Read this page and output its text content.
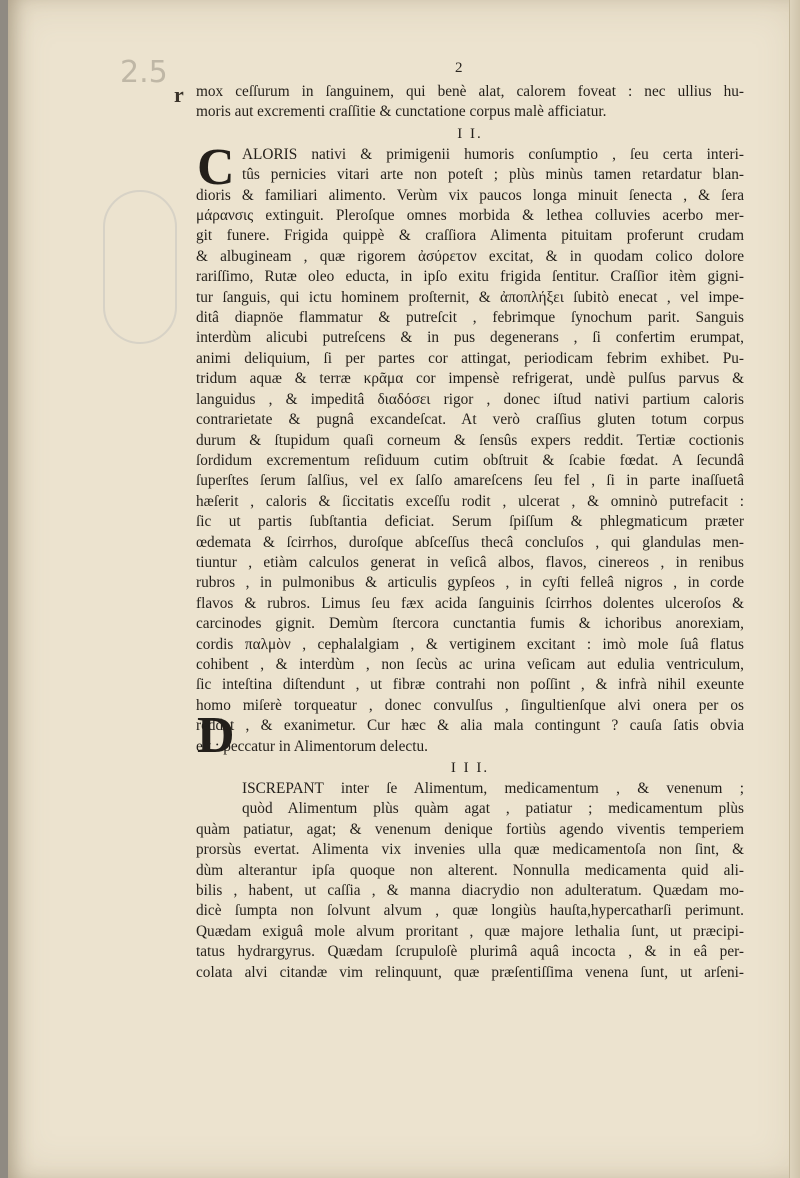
2.5	2
r
C
D
mox ceſſurum in ſanguinem, qui benè alat, calorem foveat : nec ullius hu-
moris aut excrementi craſſitie & cunctatione corpus malè afficiatur.
I I.
ALORIS nativi & primigenii humoris conſumptio , ſeu certa interi-
tûs pernicies vitari arte non poteſt ; plùs minùs tamen retardatur blan-
dioris & familiari alimento. Verùm vix paucos longa minuit ſenecta , & ſera
μάρανσις extinguit. Pleroſque omnes morbida & lethea colluvies acerbo mer-
git funere. Frigida quippè & craſſiora Alimenta pituitam proferunt crudam
& albugineam , quæ rigorem ἀσύρετον excitat, & in quodam colico dolore
rariſſimo, Rutæ oleo educta, in ipſo exitu frigida ſentitur. Craſſior itèm gigni-
tur ſanguis, qui ictu hominem proſternit, & ἀποπλήξει ſubitò enecat , vel impe-
ditâ diapnöe flammatur & putreſcit , febrimque ſynochum parit. Sanguis
interdùm alicubi putreſcens & in pus degenerans , ſi confertim erumpat,
animi deliquium, ſi per partes cor attingat, periodicam febrim exhibet. Pu-
tridum aquæ & terræ κρᾶμα cor impensè refrigerat, undè pulſus parvus &
languidus , & impeditâ διαδόσει rigor , donec iſtud nativi partium caloris
contrarietate & pugnâ excandeſcat. At verò craſſius gluten totum corpus
durum & ſtupidum quaſi corneum & ſensûs expers reddit. Tertiæ coctionis
ſordidum excrementum reſiduum cutim obſtruit & ſcabie fœdat. A ſecundâ
ſuperſtes ſerum ſalſius, vel ex ſalſo amareſcens ſeu fel , ſi in parte inaſſuetâ
hæſerit , caloris & ſiccitatis exceſſu rodit , ulcerat , & omninò putrefacit :
ſic ut partis ſubſtantia deficiat. Serum ſpiſſum & phlegmaticum præter
œdemata & ſcirrhos, duroſque abſceſſus thecâ concluſos , qui glandulas men-
tiuntur , etiàm calculos generat in veſicâ albos, flavos, cinereos , in renibus
rubros , in pulmonibus & articulis gypſeos , in cyſti felleâ nigros , in corde
flavos & rubros. Limus ſeu fæx acida ſanguinis ſcirrhos dolentes ulceroſos &
carcinodes gignit. Demùm ſtercora cunctantia fumis & ichoribus anorexiam,
cordis παλμὸν , cephalalgiam , & vertiginem excitant : imò mole ſuâ flatus
cohibent , & interdùm , non ſecùs ac urina veſicam aut edulia ventriculum,
ſic inteſtina diſtendunt , ut fibræ contrahi non poſſint , & infrà nihil exeunte
homo miſerè torqueatur , donec convulſus , ſingultienſque alvi onera per os
reddat , & exanimetur. Cur hæc & alia mala contingunt ? cauſa ſatis obvia
eſt : peccatur in Alimentorum delectu.
I I I.
ISCREPANT inter ſe Alimentum, medicamentum , & venenum ;
quòd Alimentum plùs quàm agat , patiatur ; medicamentum plùs
quàm patiatur, agat; & venenum denique fortiùs agendo viventis temperiem
prorsùs evertat. Alimenta vix invenies ulla quæ medicamentoſa non ſint, &
dùm alterantur ipſa quoque non alterent. Nonnulla medicamenta quid ali-
bilis , habent, ut caſſia , & manna diacrydio non adulteratum. Quædam mo-
dicè ſumpta non ſolvunt alvum , quæ longiùs hauſta,hypercatharſi perimunt.
Quædam exiguâ mole alvum proritant , quæ majore lethalia ſunt, ut præcipi-
tatus hydrargyrus. Quædam ſcrupuloſè plurimâ aquâ incocta , & in eâ per-
colata alvi citandæ vim relinquunt, quæ præſentiſſima venena ſunt, ut arſeni-
